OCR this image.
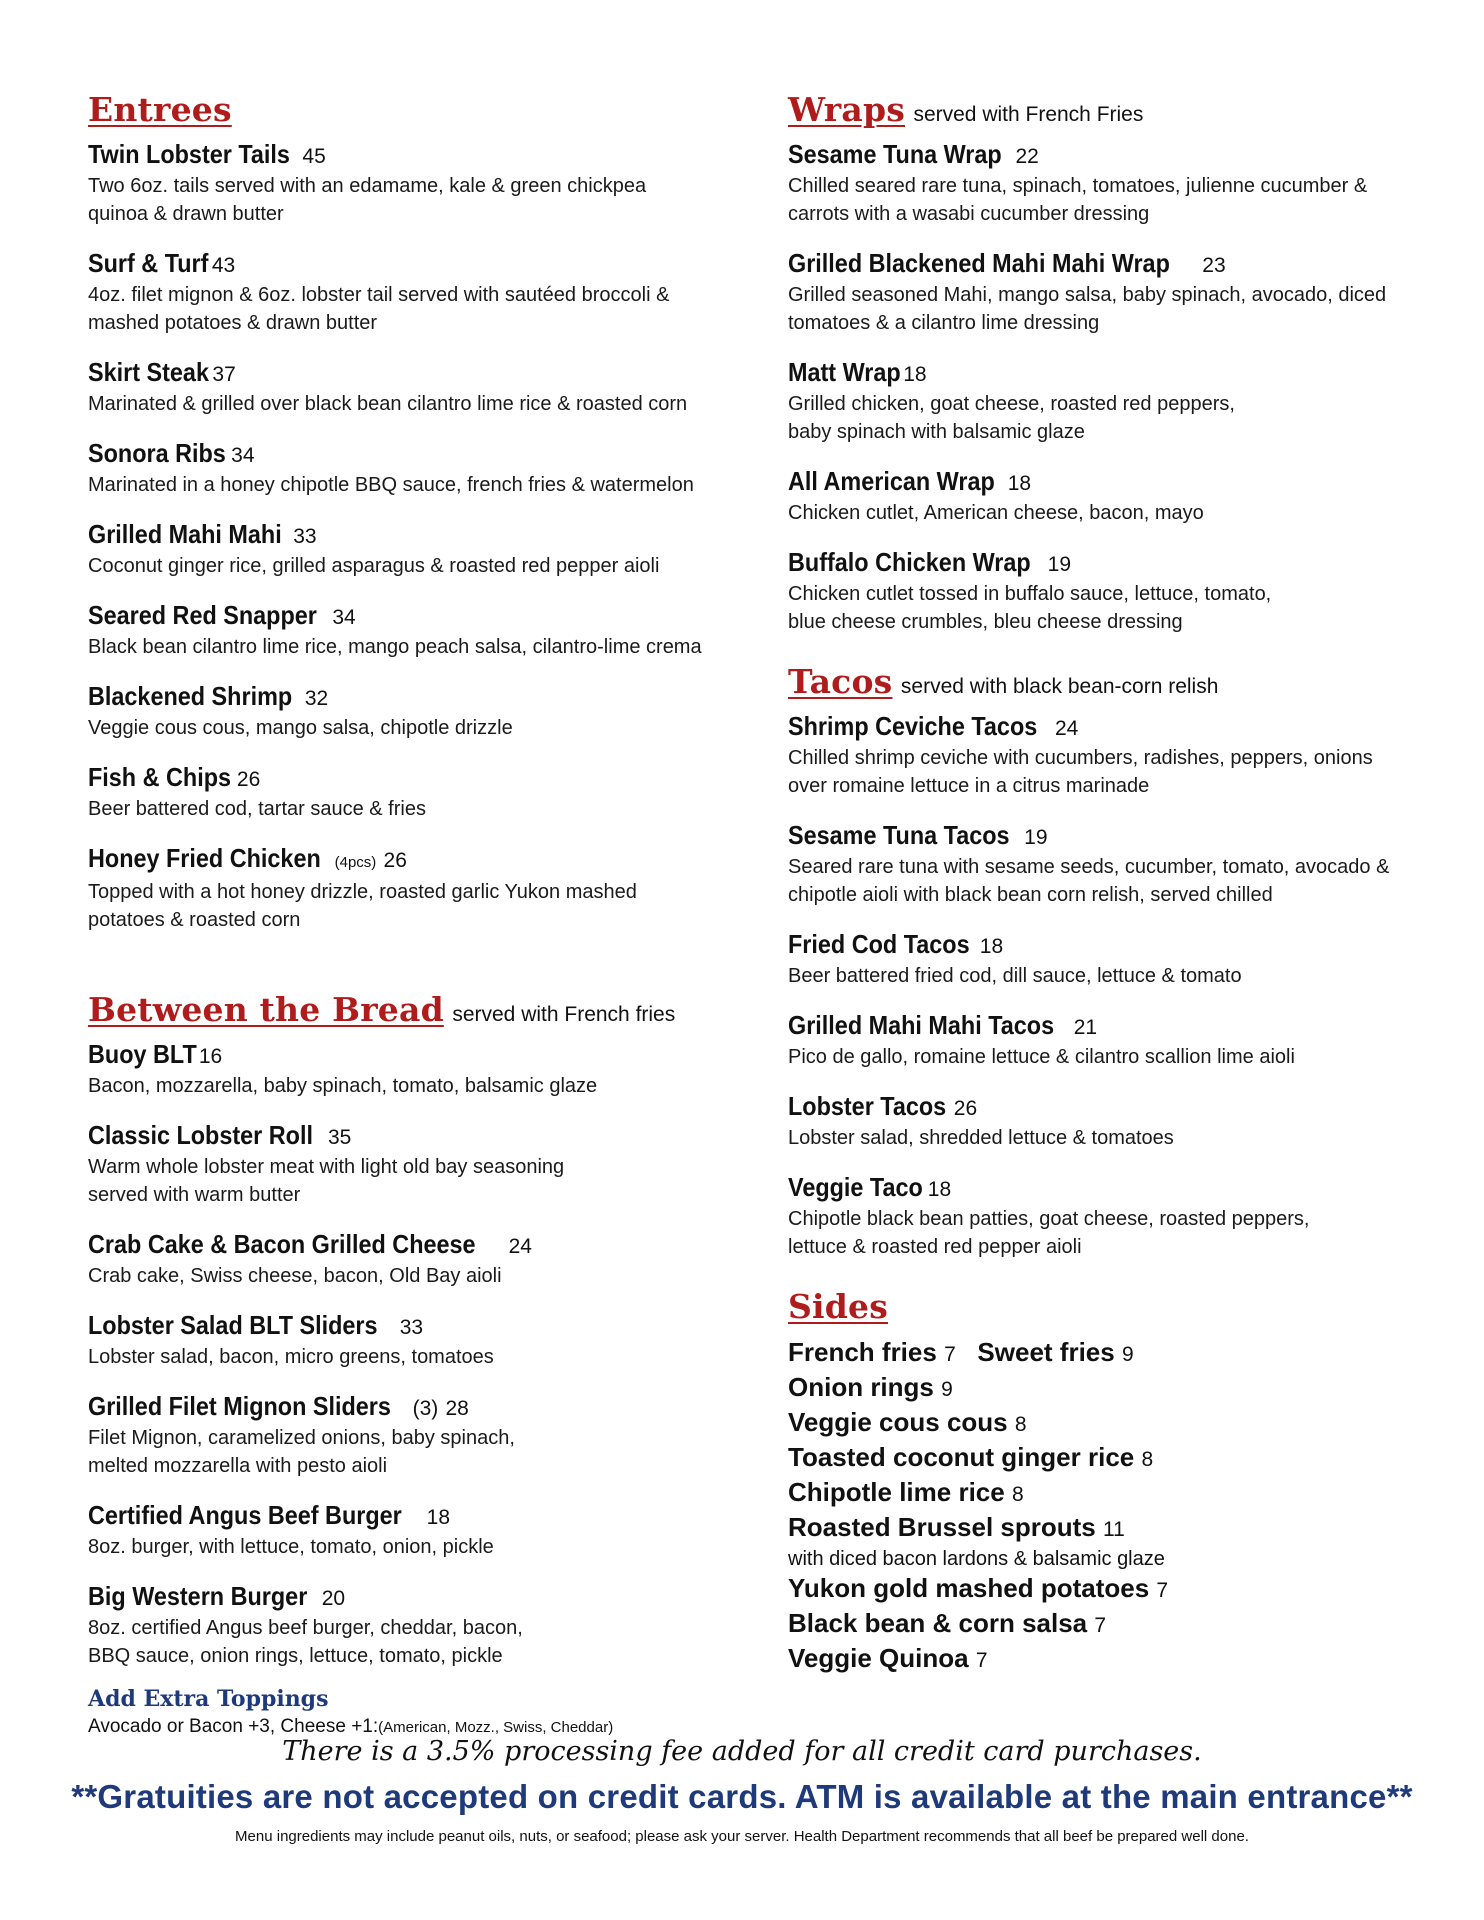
Entrees
Twin Lobster Tails 45
Two 6oz. tails served with an edamame, kale & green chickpea
quinoa & drawn butter
Surf & Turf 43
4oz. filet mignon & 6oz. lobster tail served with sautéed broccoli &
mashed potatoes & drawn butter
Skirt Steak 37
Marinated & grilled over black bean cilantro lime rice & roasted corn
Sonora Ribs 34
Marinated in a honey chipotle BBQ sauce, french fries & watermelon
Grilled Mahi Mahi 33
Coconut ginger rice, grilled asparagus & roasted red pepper aioli
Seared Red Snapper 34
Black bean cilantro lime rice, mango peach salsa, cilantro-lime crema
Blackened Shrimp 32
Veggie cous cous, mango salsa, chipotle drizzle
Fish & Chips 26
Beer battered cod, tartar sauce & fries
Honey Fried Chicken (4pcs) 26
Topped with a hot honey drizzle, roasted garlic Yukon mashed
potatoes & roasted corn
Between the Bread served with French fries
Buoy BLT16
Bacon, mozzarella, baby spinach, tomato, balsamic glaze
Classic Lobster Roll 35
Warm whole lobster meat with light old bay seasoning
served with warm butter
Crab Cake & Bacon Grilled Cheese 24
Crab cake, Swiss cheese, bacon, Old Bay aioli
Lobster Salad BLT Sliders 33
Lobster salad, bacon, micro greens, tomatoes
Grilled Filet Mignon Sliders (3) 28
Filet Mignon, caramelized onions, baby spinach,
melted mozzarella with pesto aioli
Certified Angus Beef Burger 18
8oz. burger, with lettuce, tomato, onion, pickle
Big Western Burger 20
8oz. certified Angus beef burger, cheddar, bacon,
BBQ sauce, onion rings, lettuce, tomato, pickle
Add Extra Toppings
Avocado or Bacon +3, Cheese +1:(American, Mozz., Swiss, Cheddar)
Wraps served with French Fries
Sesame Tuna Wrap 22
Chilled seared rare tuna, spinach, tomatoes, julienne cucumber &
carrots with a wasabi cucumber dressing
Grilled Blackened Mahi Mahi Wrap 23
Grilled seasoned Mahi, mango salsa, baby spinach, avocado, diced
tomatoes & a cilantro lime dressing
Matt Wrap 18
Grilled chicken, goat cheese, roasted red peppers,
baby spinach with balsamic glaze
All American Wrap 18
Chicken cutlet, American cheese, bacon, mayo
Buffalo Chicken Wrap 19
Chicken cutlet tossed in buffalo sauce, lettuce, tomato,
blue cheese crumbles, bleu cheese dressing
Tacos served with black bean-corn relish
Shrimp Ceviche Tacos 24
Chilled shrimp ceviche with cucumbers, radishes, peppers, onions
over romaine lettuce in a citrus marinade
Sesame Tuna Tacos 19
Seared rare tuna with sesame seeds, cucumber, tomato, avocado &
chipotle aioli with black bean corn relish, served chilled
Fried Cod Tacos 18
Beer battered fried cod, dill sauce, lettuce & tomato
Grilled Mahi Mahi Tacos 21
Pico de gallo, romaine lettuce & cilantro scallion lime aioli
Lobster Tacos 26
Lobster salad, shredded lettuce & tomatoes
Veggie Taco 18
Chipotle black bean patties, goat cheese, roasted peppers,
lettuce & roasted red pepper aioli
Sides
French fries 7 Sweet fries 9
Onion rings 9
Veggie cous cous 8
Toasted coconut ginger rice 8
Chipotle lime rice 8
Roasted Brussel sprouts 11
with diced bacon lardons & balsamic glaze
Yukon gold mashed potatoes 7
Black bean & corn salsa 7
Veggie Quinoa 7
There is a 3.5% processing fee added for all credit card purchases.
**Gratuities are not accepted on credit cards. ATM is available at the main entrance**
Menu ingredients may include peanut oils, nuts, or seafood; please ask your server. Health Department recommends that all beef be prepared well done.
